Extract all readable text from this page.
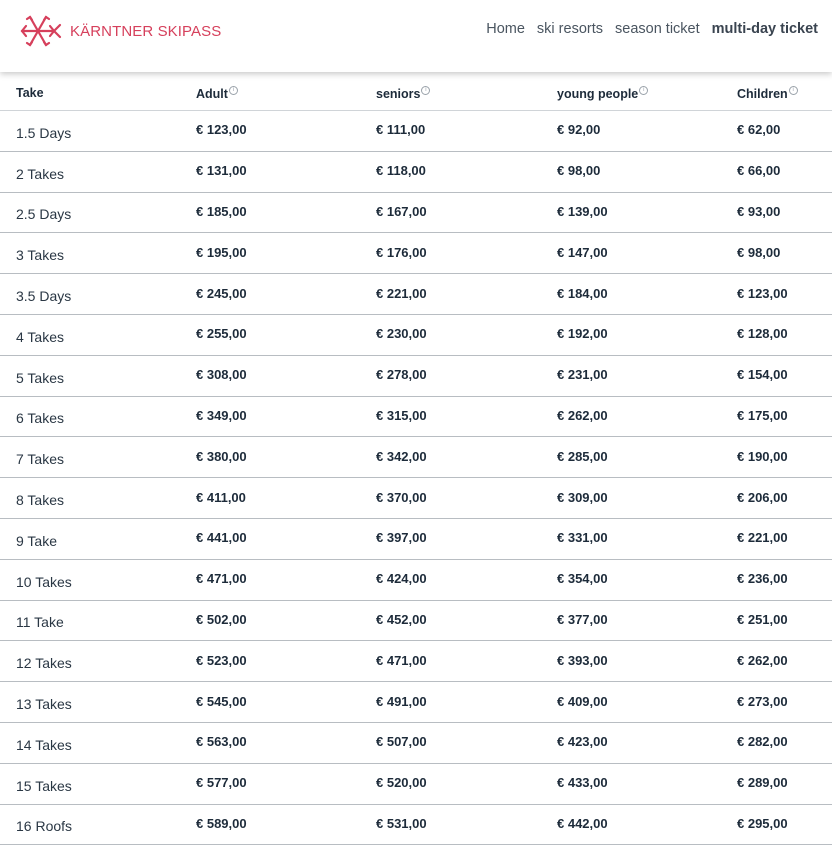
KÄRNTNER SKIPASS	Home ski resorts season ticket multi-day ticket
Take	Adult i	seniors i	young people i	Children i
1.5 Days	€ 123,00	€ 111,00	€ 92,00	€ 62,00
2 Takes	€ 131,00	€ 118,00	€ 98,00	€ 66,00
2.5 Days	€ 185,00	€ 167,00	€ 139,00	€ 93,00
3 Takes	€ 195,00	€ 176,00	€ 147,00	€ 98,00
3.5 Days	€ 245,00	€ 221,00	€ 184,00	€ 123,00
4 Takes	€ 255,00	€ 230,00	€ 192,00	€ 128,00
5 Takes	€ 308,00	€ 278,00	€ 231,00	€ 154,00
6 Takes	€ 349,00	€ 315,00	€ 262,00	€ 175,00
7 Takes	€ 380,00	€ 342,00	€ 285,00	€ 190,00
8 Takes	€ 411,00	€ 370,00	€ 309,00	€ 206,00
9 Take	€ 441,00	€ 397,00	€ 331,00	€ 221,00
10 Takes	€ 471,00	€ 424,00	€ 354,00	€ 236,00
11 Take	€ 502,00	€ 452,00	€ 377,00	€ 251,00
12 Takes	€ 523,00	€ 471,00	€ 393,00	€ 262,00
13 Takes	€ 545,00	€ 491,00	€ 409,00	€ 273,00
14 Takes	€ 563,00	€ 507,00	€ 423,00	€ 282,00
15 Takes	€ 577,00	€ 520,00	€ 433,00	€ 289,00
16 Roofs	€ 589,00	€ 531,00	€ 442,00	€ 295,00
